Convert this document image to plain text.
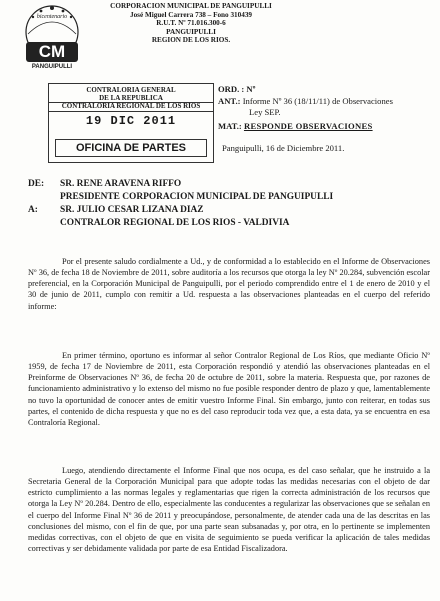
bicentenario
CM
PANGUIPULLI
CORPORACION MUNICIPAL DE PANGUIPULLI
José Miguel Carrera 738 – Fono 310439
R.U.T. Nº 71.016.300-6
PANGUIPULLI
REGION DE LOS RIOS.
CONTRALORIA GENERAL
DE LA REPUBLICA
CONTRALORIA REGIONAL DE LOS RIOS
19 DIC 2011
OFICINA DE PARTES
ORD. : Nº
ANT.: Informe Nº 36 (18/11/11) de Observaciones
Ley SEP.
MAT.: RESPONDE OBSERVACIONES
Panguipulli, 16 de Diciembre 2011.
DE: SR. RENE ARAVENA RIFFO
PRESIDENTE CORPORACION MUNICIPAL DE PANGUIPULLI
A: SR. JULIO CESAR LIZANA DIAZ
CONTRALOR REGIONAL DE LOS RIOS - VALDIVIA
Por el presente saludo cordialmente a Ud., y de conformidad a lo establecido en el Informe de Observaciones Nº 36, de fecha 18 de Noviembre de 2011, sobre auditoría a los recursos que otorga la ley Nº 20.284, subvención escolar preferencial, en la Corporación Municipal de Panguipulli, por el periodo comprendido entre el 1 de enero de 2010 y el 30 de junio de 2011, cumplo con remitir a Ud. respuesta a las observaciones planteadas en el cuerpo del referido informe:
En primer término, oportuno es informar al señor Contralor Regional de Los Ríos, que mediante Oficio Nº 1959, de fecha 17 de Noviembre de 2011, esta Corporación respondió y atendió las observaciones planteadas en el Preinforme de Observaciones Nº 36, de fecha 20 de octubre de 2011, sobre la materia. Respuesta que, por razones de funcionamiento administrativo y lo extenso del mismo no fue posible responder dentro de plazo y que, lamentablemente no tuvo la oportunidad de conocer antes de emitir vuestro Informe Final. Sin embargo, junto con reiterar, en todas sus partes, el contenido de dicha respuesta y que no es del caso reproducir toda vez que, a esta data, ya se encuentra en esa Contraloría Regional.
Luego, atendiendo directamente el Informe Final que nos ocupa, es del caso señalar, que he instruido a la Secretaria General de la Corporación Municipal para que adopte todas las medidas necesarias con el objeto de dar estricto cumplimiento a las normas legales y reglamentarias que rigen la correcta administración de los recursos que otorga la Ley Nº 20.284. Dentro de ello, especialmente las conducentes a regularizar las observaciones que se señalan en el cuerpo del Informe Final Nº 36 de 2011 y preocupándose, personalmente, de atender cada una de las descritas en las conclusiones del mismo, con el fin de que, por una parte sean subsanadas y, por otra, en lo pertinente se implementen medidas correctivas, con el objeto de que en visita de seguimiento se pueda verificar la aplicación de tales medidas correctivas y ser debidamente validada por parte de esa Entidad Fiscalizadora.
